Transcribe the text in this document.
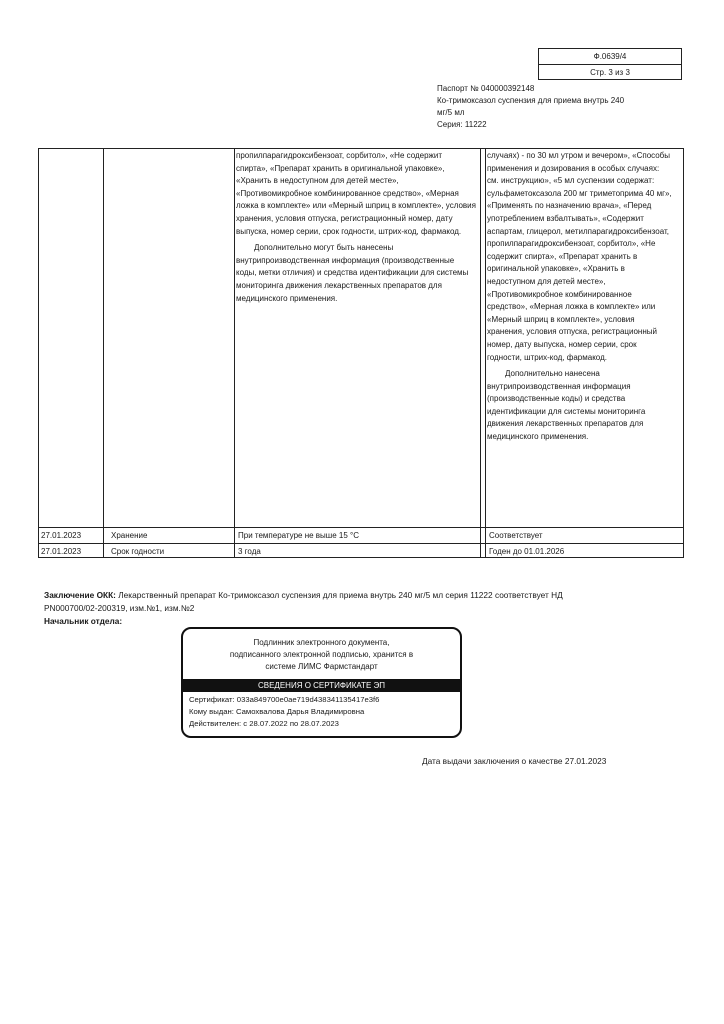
Ф.0639/4
Стр. 3 из 3
Паспорт № 040000392148
Ко-тримоксазол суспензия для приема внутрь 240 мг/5 мл
Серия: 11222

пропилпарагидроксибензоат, сорбитол», «Не содержит спирта», «Препарат хранить в оригинальной упаковке», «Хранить в недоступном для детей месте», «Противомикробное комбинированное средство», «Мерная ложка в комплекте» или «Мерный шприц в комплекте», условия хранения, условия отпуска, регистрационный номер, дату выпуска, номер серии, срок годности, штрих-код, фармакод.

Дополнительно могут быть нанесены внутрипроизводственная информация (производственные коды, метки отличия) и средства идентификации для системы мониторинга движения лекарственных препаратов для медицинского применения.

случаях) - по 30 мл утром и вечером», «Способы применения и дозирования в особых случаях: см. инструкцию», «5 мл суспензии содержат: сульфаметоксазола 200 мг триметоприма 40 мг», «Применять по назначению врача», «Перед употреблением взбалтывать», «Содержит аспартам, глицерол, метилпарагидроксибензоат, пропилпарагидроксибензоат, сорбитол», «Не содержит спирта», «Препарат хранить в оригинальной упаковке», «Хранить в недоступном для детей месте», «Противомикробное комбинированное средство», «Мерная ложка в комплекте» или «Мерный шприц в комплекте», условия хранения, условия отпуска, регистрационный номер, дату выпуска, номер серии, срок годности, штрих-код, фармакод.

Дополнительно нанесена внутрипроизводственная информация (производственные коды) и средства идентификации для системы мониторинга движения лекарственных препаратов для медицинского применения.

27.01.2023	Хранение	При температуре не выше 15 °С	Соответствует
27.01.2023	Срок годности	3 года	Годен до 01.01.2026
Заключение ОКК: Лекарственный препарат Ко-тримоксазол суспензия для приема внутрь 240 мг/5 мл серия 11222 соответствует НД РN000700/02-200319, изм.№1, изм.№2
Начальник отдела:
Подлинник электронного документа,
подписанного электронной подписью, хранится в
системе ЛИМС Фармстандарт
СВЕДЕНИЯ О СЕРТИФИКАТЕ ЭП
Сертификат: 033a849700e0ae719d438341135417e3f6
Кому выдан: Самохвалова Дарья Владимировна
Действителен: с 28.07.2022 по 28.07.2023
Дата выдачи заключения о качестве 27.01.2023
